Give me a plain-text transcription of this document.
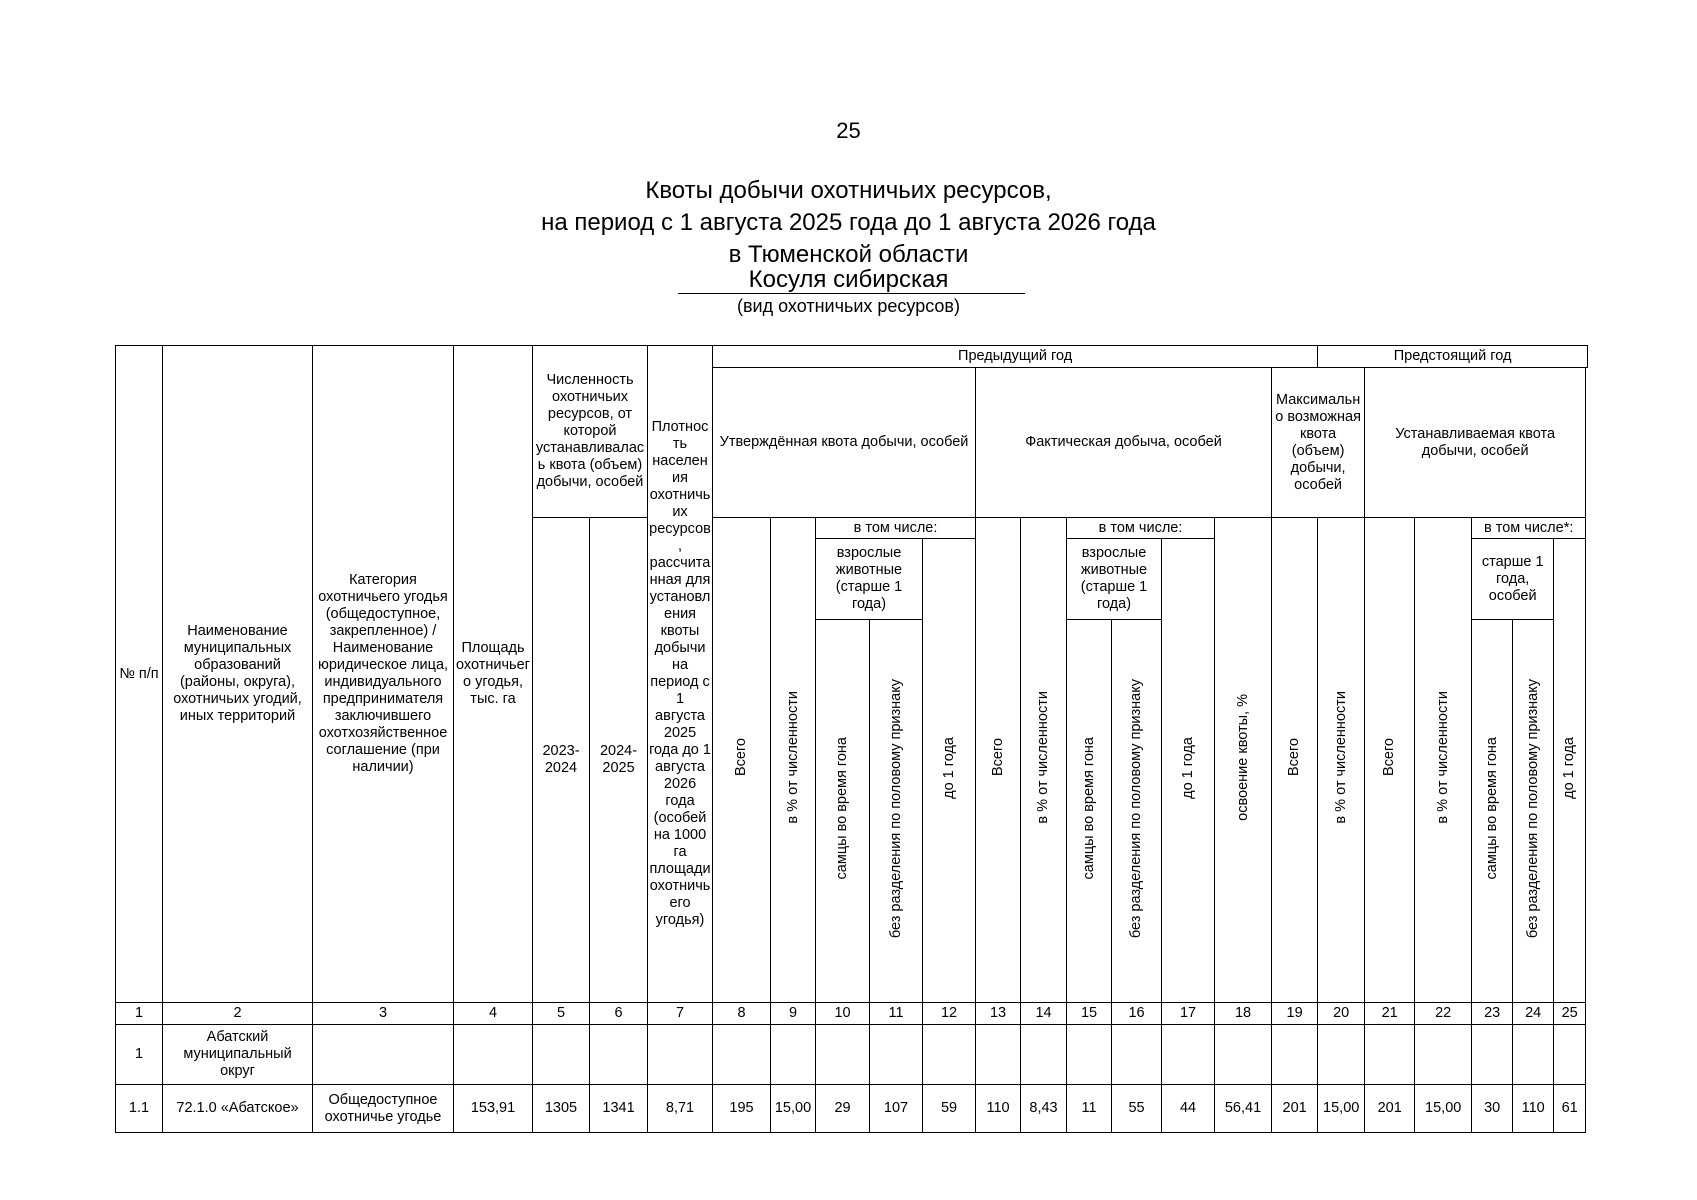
25
Квоты добычи охотничьих ресурсов,
на период с 1 августа 2025 года до 1 августа 2026 года
в Тюменской области
Косуля сибирская
(вид охотничьих ресурсов)
№ п/п	Наименование муниципальных образований (районы, округа), охотничьих угодий, иных территорий	Категория охотничьего угодья (общедоступное, закрепленное) / Наименование юридическое лица, индивидуального предпринимателя заключившего охотхозяйственное соглашение (при наличии)	Площадь охотничьего угодья, тыс. га	Численность охотничьих ресурсов, от которой устанавливалась квота (объем) добычи, особей		Плотность населения охотничьих ресурсов, рассчитанная для установления квоты добычи на период с 1 августа 2025 года до 1 августа 2026 года (особей на 1000 га площади охотничьего угодья)	Предыдущий год												Предстоящий год					
							Утверждённая квота добычи, особей					Фактическая добыча, особей						Максимально возможная квота (объем) добычи, особей		Устанавливаемая квота добычи, особей				
				2023-2024	2024-2025		Всего	в % от численности	в том числе:			Всего	в % от численности	в том числе:			освоение квоты, %	Всего	в % от численности	Всего	в % от численности	в том числе*:		
									взрослые животные (старше 1 года)		до 1 года			взрослые животные (старше 1 года)		до 1 года						старше 1 года, особей		до 1 года
									самцы во время гона	без разделения по половому признаку				самцы во время гона	без разделения по половому признаку							самцы во время гона	без разделения по половому признаку	
1	2	3	4	5	6	7	8	9	10	11	12	13	14	15	16	17	18	19	20	21	22	23	24	25
1	Абатский муниципальный округ																							
1.1	72.1.0 «Абатское»	Общедоступное охотничье угодье	153,91	1305	1341	8,71	195	15,00	29	107	59	110	8,43	11	55	44	56,41	201	15,00	201	15,00	30	110	61
